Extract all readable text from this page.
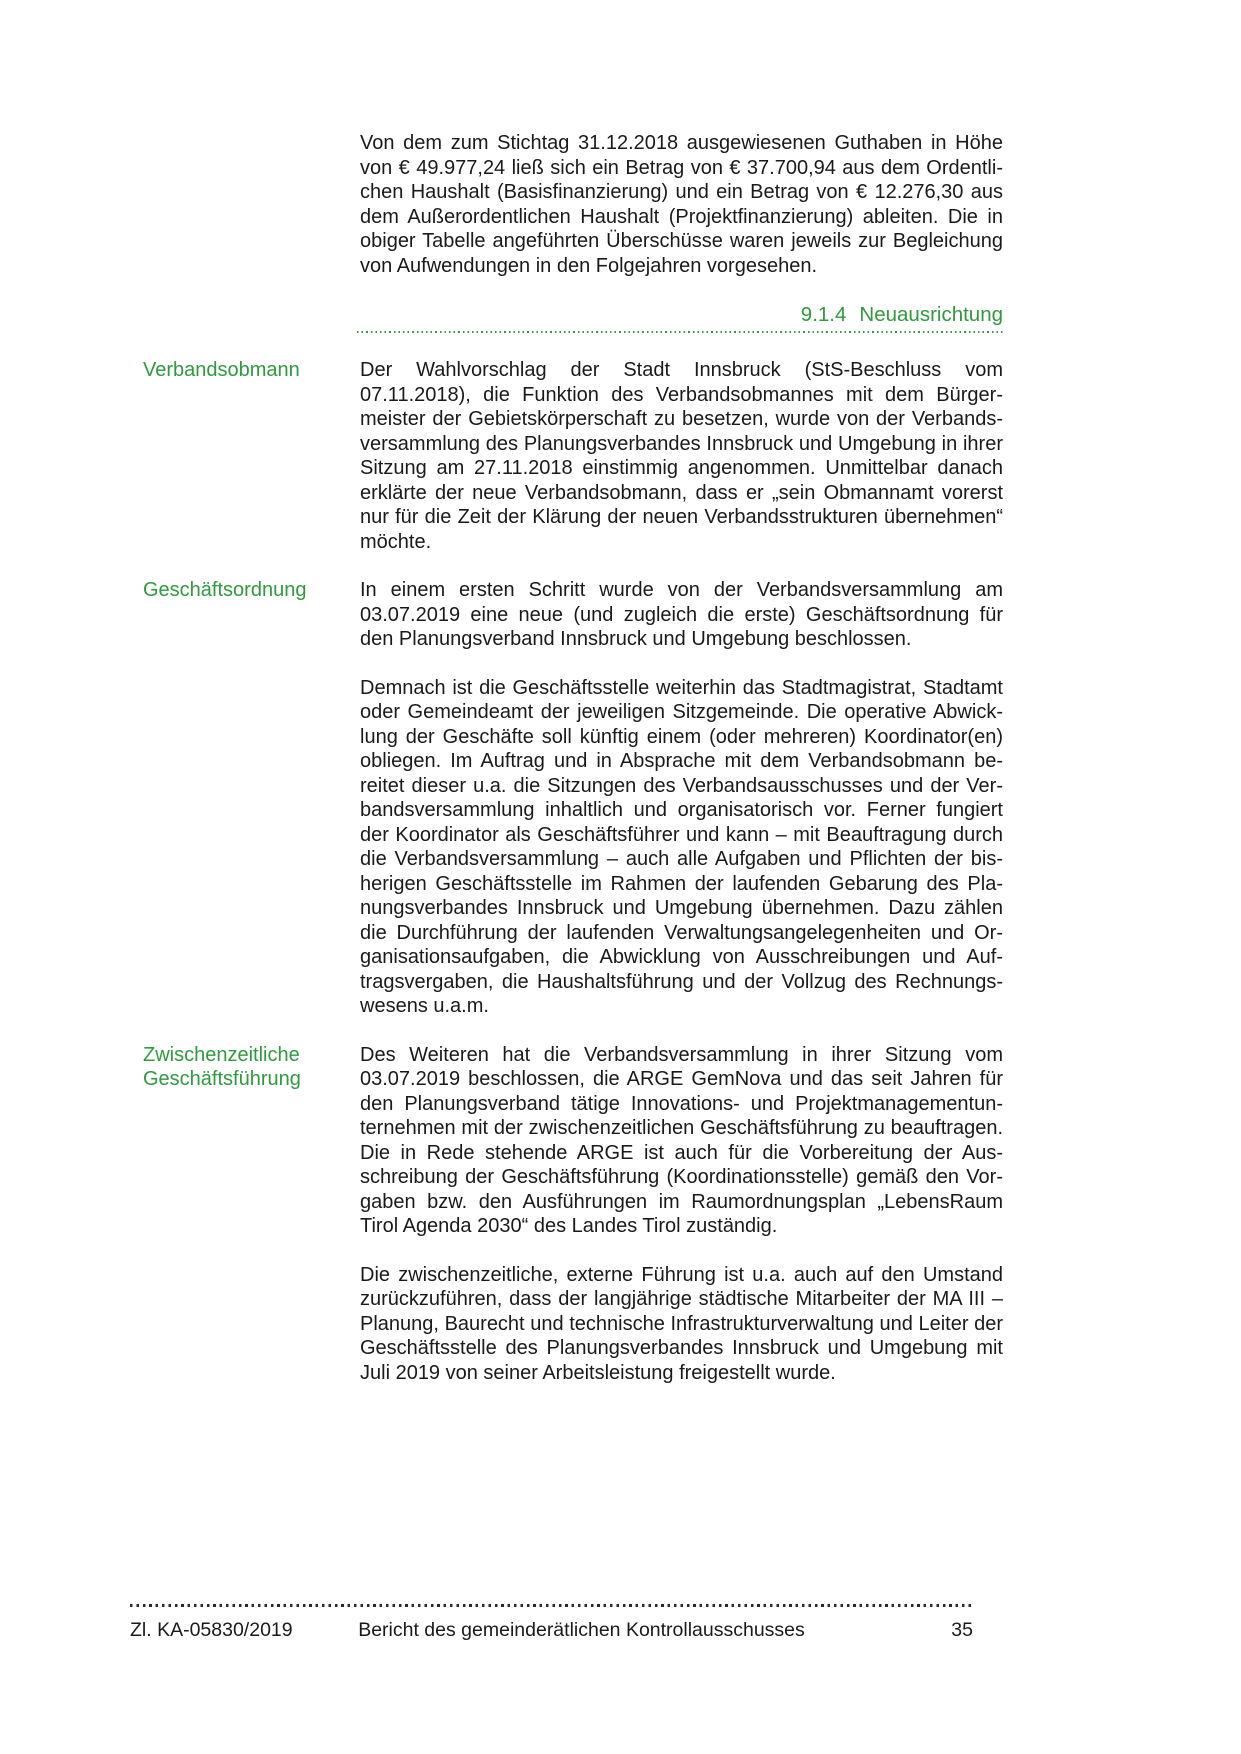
Von dem zum Stichtag 31.12.2018 ausgewiesenen Guthaben in Höhe von € 49.977,24 ließ sich ein Betrag von € 37.700,94 aus dem Ordentlichen Haushalt (Basisfinanzierung) und ein Betrag von € 12.276,30 aus dem Außerordentlichen Haushalt (Projektfinanzierung) ableiten. Die in obiger Tabelle angeführten Überschüsse waren jeweils zur Begleichung von Aufwendungen in den Folgejahren vorgesehen.

9.1.4 Neuausrichtung
Verbandsobmann	Der Wahlvorschlag der Stadt Innsbruck (StS-Beschluss vom 07.11.2018), die Funktion des Verbandsobmannes mit dem Bürgermeister der Gebietskörperschaft zu besetzen, wurde von der Verbandsversammlung des Planungsverbandes Innsbruck und Umgebung in ihrer Sitzung am 27.11.2018 einstimmig angenommen. Unmittelbar danach erklärte der neue Verbandsobmann, dass er „sein Obmannamt vorerst nur für die Zeit der Klärung der neuen Verbandsstrukturen übernehmen“ möchte.

Geschäftsordnung	In einem ersten Schritt wurde von der Verbandsversammlung am 03.07.2019 eine neue (und zugleich die erste) Geschäftsordnung für den Planungsverband Innsbruck und Umgebung beschlossen.

Demnach ist die Geschäftsstelle weiterhin das Stadtmagistrat, Stadtamt oder Gemeindeamt der jeweiligen Sitzgemeinde. Die operative Abwicklung der Geschäfte soll künftig einem (oder mehreren) Koordinator(en) obliegen. Im Auftrag und in Absprache mit dem Verbandsobmann bereitet dieser u.a. die Sitzungen des Verbandsausschusses und der Verbandsversammlung inhaltlich und organisatorisch vor. Ferner fungiert der Koordinator als Geschäftsführer und kann – mit Beauftragung durch die Verbandsversammlung – auch alle Aufgaben und Pflichten der bisherigen Geschäftsstelle im Rahmen der laufenden Gebarung des Planungsverbandes Innsbruck und Umgebung übernehmen. Dazu zählen die Durchführung der laufenden Verwaltungsangelegenheiten und Organisationsaufgaben, die Abwicklung von Ausschreibungen und Auftragsvergaben, die Haushaltsführung und der Vollzug des Rechnungswesens u.a.m.

Zwischenzeitliche Geschäftsführung

Des Weiteren hat die Verbandsversammlung in ihrer Sitzung vom 03.07.2019 beschlossen, die ARGE GemNova und das seit Jahren für den Planungsverband tätige Innovations- und Projektmanagementunternehmen mit der zwischenzeitlichen Geschäftsführung zu beauftragen. Die in Rede stehende ARGE ist auch für die Vorbereitung der Ausschreibung der Geschäftsführung (Koordinationsstelle) gemäß den Vorgaben bzw. den Ausführungen im Raumordnungsplan „LebensRaum Tirol Agenda 2030“ des Landes Tirol zuständig.

Die zwischenzeitliche, externe Führung ist u.a. auch auf den Umstand zurückzuführen, dass der langjährige städtische Mitarbeiter der MA III – Planung, Baurecht und technische Infrastrukturverwaltung und Leiter der Geschäftsstelle des Planungsverbandes Innsbruck und Umgebung mit Juli 2019 von seiner Arbeitsleistung freigestellt wurde.

Zl. KA-05830/2019	Bericht des gemeinderätlichen Kontrollausschusses	35
